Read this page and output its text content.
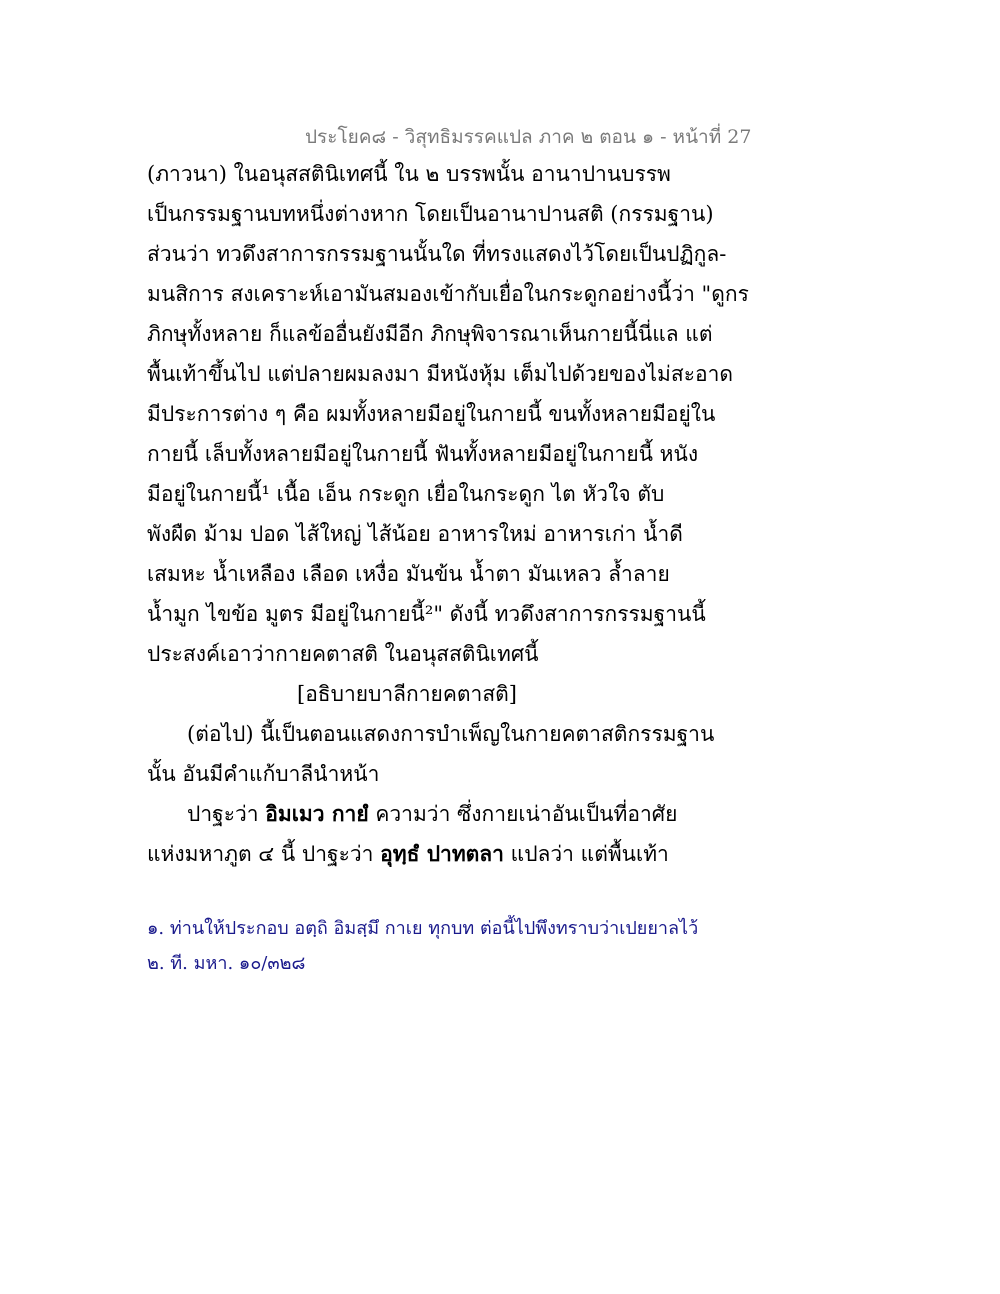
ประโยค๘ - วิสุทธิมรรคแปล ภาค ๒ ตอน ๑ - หน้าที่ 27
(ภาวนา) ในอนุสสตินิเทศนี้ ใน ๒ บรรพนั้น อานาปานบรรพ
เป็นกรรมฐานบทหนึ่งต่างหาก โดยเป็นอานาปานสติ (กรรมฐาน)
ส่วนว่า ทวดึงสาการกรรมฐานนั้นใด ที่ทรงแสดงไว้โดยเป็นปฏิกูล-
มนสิการ สงเคราะห์เอามันสมองเข้ากับเยื่อในกระดูกอย่างนี้ว่า "ดูกร
ภิกษุทั้งหลาย ก็แลข้ออื่นยังมีอีก ภิกษุพิจารณาเห็นกายนี้นี่แล แต่
พื้นเท้าขึ้นไป แต่ปลายผมลงมา มีหนังหุ้ม เต็มไปด้วยของไม่สะอาด
มีประการต่าง ๆ คือ ผมทั้งหลายมีอยู่ในกายนี้ ขนทั้งหลายมีอยู่ใน
กายนี้ เล็บทั้งหลายมีอยู่ในกายนี้ ฟันทั้งหลายมีอยู่ในกายนี้ หนัง
มีอยู่ในกายนี้¹ เนื้อ เอ็น กระดูก เยื่อในกระดูก ไต หัวใจ ตับ
พังผืด ม้าม ปอด ไส้ใหญ่ ไส้น้อย อาหารใหม่ อาหารเก่า น้ำดี
เสมหะ น้ำเหลือง เลือด เหงื่อ มันข้น น้ำตา มันเหลว ล้ำลาย
น้ำมูก ไขข้อ มูตร มีอยู่ในกายนี้²" ดังนี้ ทวดึงสาการกรรมฐานนี้
ประสงค์เอาว่ากายคตาสติ ในอนุสสตินิเทศนี้
[อธิบายบาลีกายคตาสติ]
(ต่อไป) นี้เป็นตอนแสดงการบำเพ็ญในกายคตาสติกรรมฐาน
นั้น อันมีคำแก้บาลีนำหน้า
ปาฐะว่า อิมเมว กายํ ความว่า ซึ่งกายเน่าอันเป็นที่อาศัย
แห่งมหาภูต ๔ นี้ ปาฐะว่า อุทฺธํ ปาทตลา แปลว่า แต่พื้นเท้า
๑. ท่านให้ประกอบ อตฺถิ อิมสฺมึ กาเย ทุกบท ต่อนี้ไปพึงทราบว่าเปยยาลไว้
๒. ที. มหา. ๑๐/๓๒๘
